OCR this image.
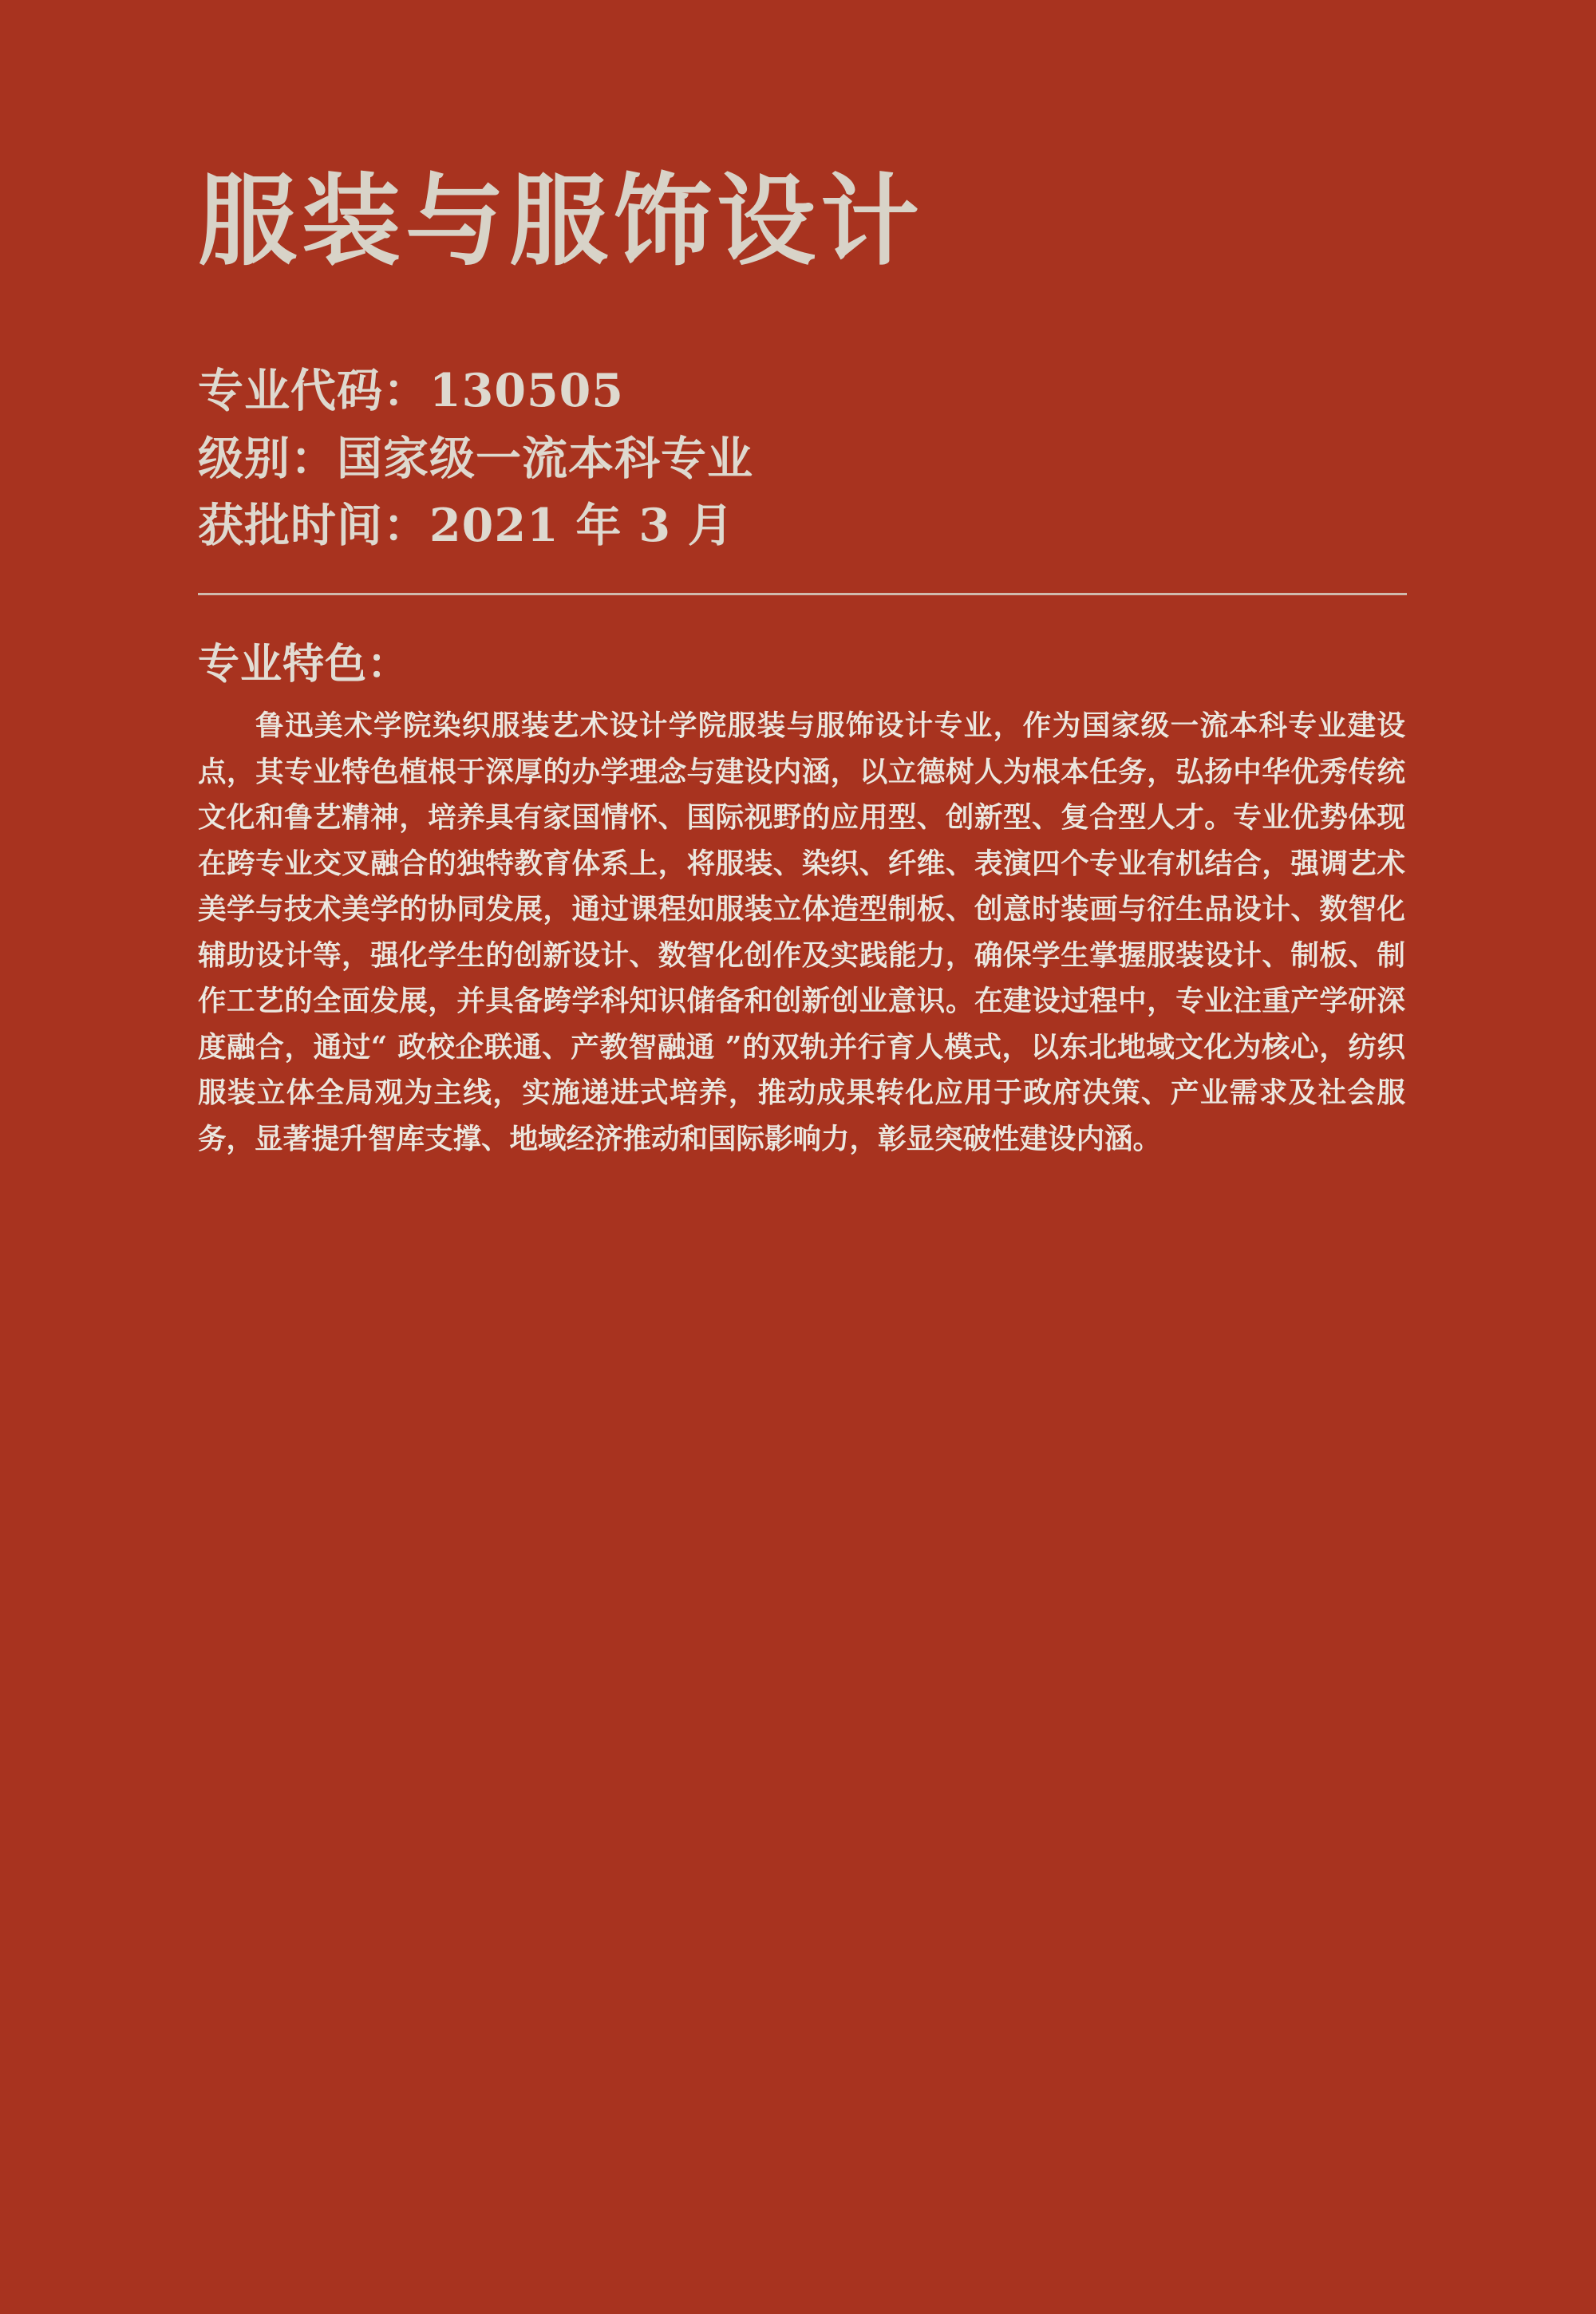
服装与服饰设计
专业代码：130505
级别：国家级一流本科专业
获批时间：2021 年 3 月
专业特色：

鲁迅美术学院染织服装艺术设计学院服装与服饰设计专业，作为国家级一流本科专业建设点，其专业特色植根于深厚的办学理念与建设内涵，以立德树人为根本任务，弘扬中华优秀传统文化和鲁艺精神，培养具有家国情怀、国际视野的应用型、创新型、复合型人才。专业优势体现在跨专业交叉融合的独特教育体系上，将服装、染织、纤维、表演四个专业有机结合，强调艺术美学与技术美学的协同发展，通过课程如服装立体造型制板、创意时装画与衍生品设计、数智化辅助设计等，强化学生的创新设计、数智化创作及实践能力，确保学生掌握服装设计、制板、制作工艺的全面发展，并具备跨学科知识储备和创新创业意识。在建设过程中，专业注重产学研深度融合，通过“ 政校企联通、产教智融通 ”的双轨并行育人模式，以东北地域文化为核心，纺织服装立体全局观为主线，实施递进式培养，推动成果转化应用于政府决策、产业需求及社会服务，显著提升智库支撑、地域经济推动和国际影响力，彰显突破性建设内涵。
